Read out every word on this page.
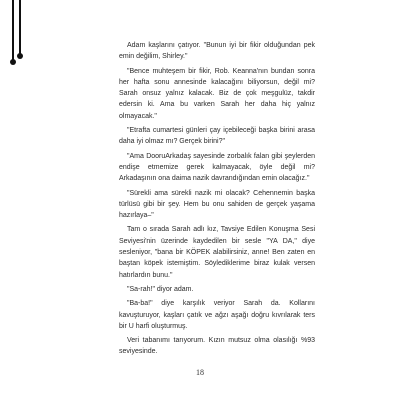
Adam kaşlarını çatıyor. "Bunun iyi bir fikir olduğundan pek emin değilim, Shirley."

"Bence muhteşem bir fikir, Rob. Keanna'nın bundan sonra her hafta sonu annesinde kalacağını biliyorsun, değil mi? Sarah onsuz yalnız kalacak. Biz de çok meşgulüz, takdir edersin ki. Ama bu varken Sarah her daha hiç yalnız olmayacak."

"Etrafta cumartesi günleri çay içebileceği başka birini arasa daha iyi olmaz mı? Gerçek birini?"

"Ama DooruArkadaş sayesinde zorbalık falan gibi şeylerden endişe etmemize gerek kalmayacak, öyle değil mi? Arkadaşının ona daima nazik davrandığından emin olacağız."

"Sürekli ama sürekli nazik mi olacak? Cehennemin başka türlüsü gibi bir şey. Hem bu onu sahiden de gerçek yaşama hazırlaya–"

Tam o sırada Sarah adlı kız, Tavsiye Edilen Konuşma Sesi Seviyesi'nin üzerinde kaydedilen bir sesle "YA DA," diye sesleniyor, "bana bir KÖPEK alabilirsiniz, anne! Ben zaten en baştan köpek istemiştim. Söylediklerime biraz kulak versen hatırlardın bunu."

"Sa-rah!" diyor adam.

"Ba-ba!" diye karşılık veriyor Sarah da. Kollarını kavuşturuyor, kaşları çatık ve ağzı aşağı doğru kıvrılarak ters bir U harfi oluşturmuş.

Veri tabanımı tarıyorum. Kızın mutsuz olma olasılığı %93 seviyesinde.

18
